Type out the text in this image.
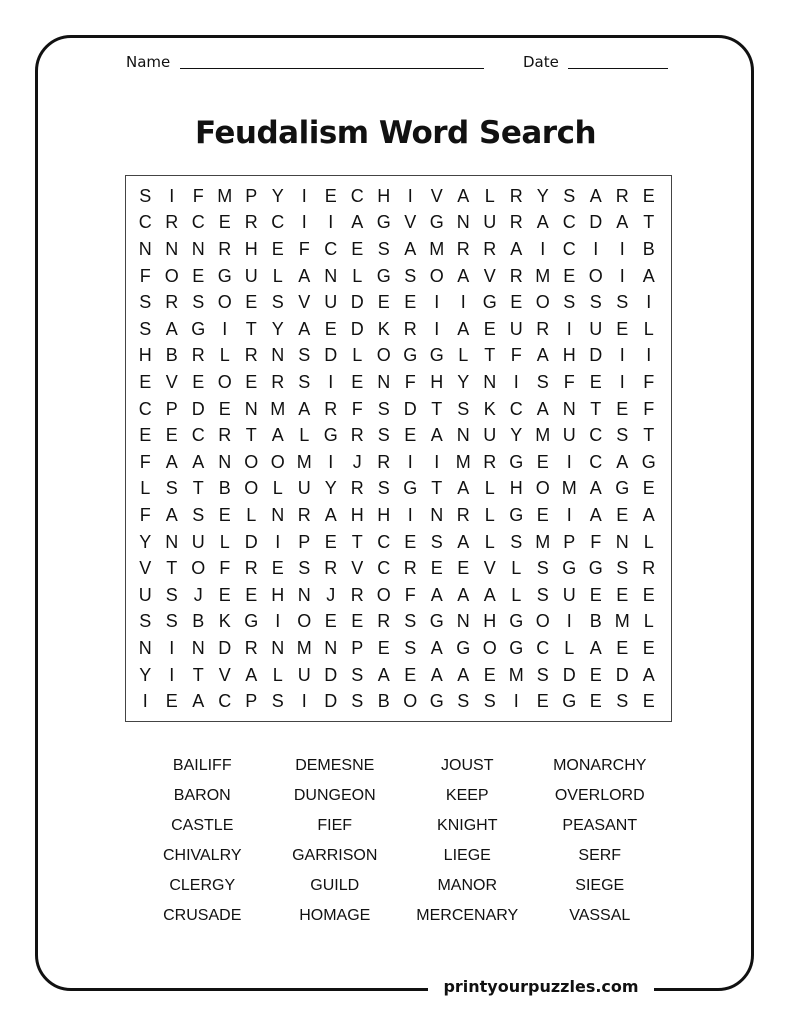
Name	Date
Feudalism Word Search
S I	F M P Y I E C H I V A L R Y S A R E
C R C E R C I	I A G V G N U R A C D A T
N N N R H E F C E S A M R R A I C I	I B
F O E G U L A N L G S O A V R M E O I A
S R S O E S V U D E E I	I G E O S S S I
S A G I	T Y A E D K R I A E U R I U E L
H B R L R N S D L O G G L T F A H D I	I
E V E O E R S I E N F H Y N I S F E I	F
C P D E N M A R F S D T S K C A N T E F
E E C R T A L G R S E A N U Y M U C S T
F A A N O O M I	J R I	I M R G E I C A G
L S T B O L U Y R S G T A L H O M A G E
F A S E L N R A H H I N R L G E I A E A
Y N U L D I P E T C E S A L S M P F N L
V T O F R E S R V C R E E V L S G G S R
U S J E E H N J R O F A A A L S U E E E
S S B K G I O E E R S G N H G O I B M L
N I N D R N M N P E S A G O G C L A E E
Y I	T V A L U D S A E A A E M S D E D A
I E A C P S I D S B O G S S I E G E S E
BAILIFF	DEMESNE	JOUST	MONARCHY
BARON	DUNGEON	KEEP	OVERLORD
CASTLE	FIEF	KNIGHT	PEASANT
CHIVALRY	GARRISON	LIEGE	SERF
CLERGY	GUILD	MANOR	SIEGE
CRUSADE	HOMAGE	MERCENARY	VASSAL
printyourpuzzles.com
